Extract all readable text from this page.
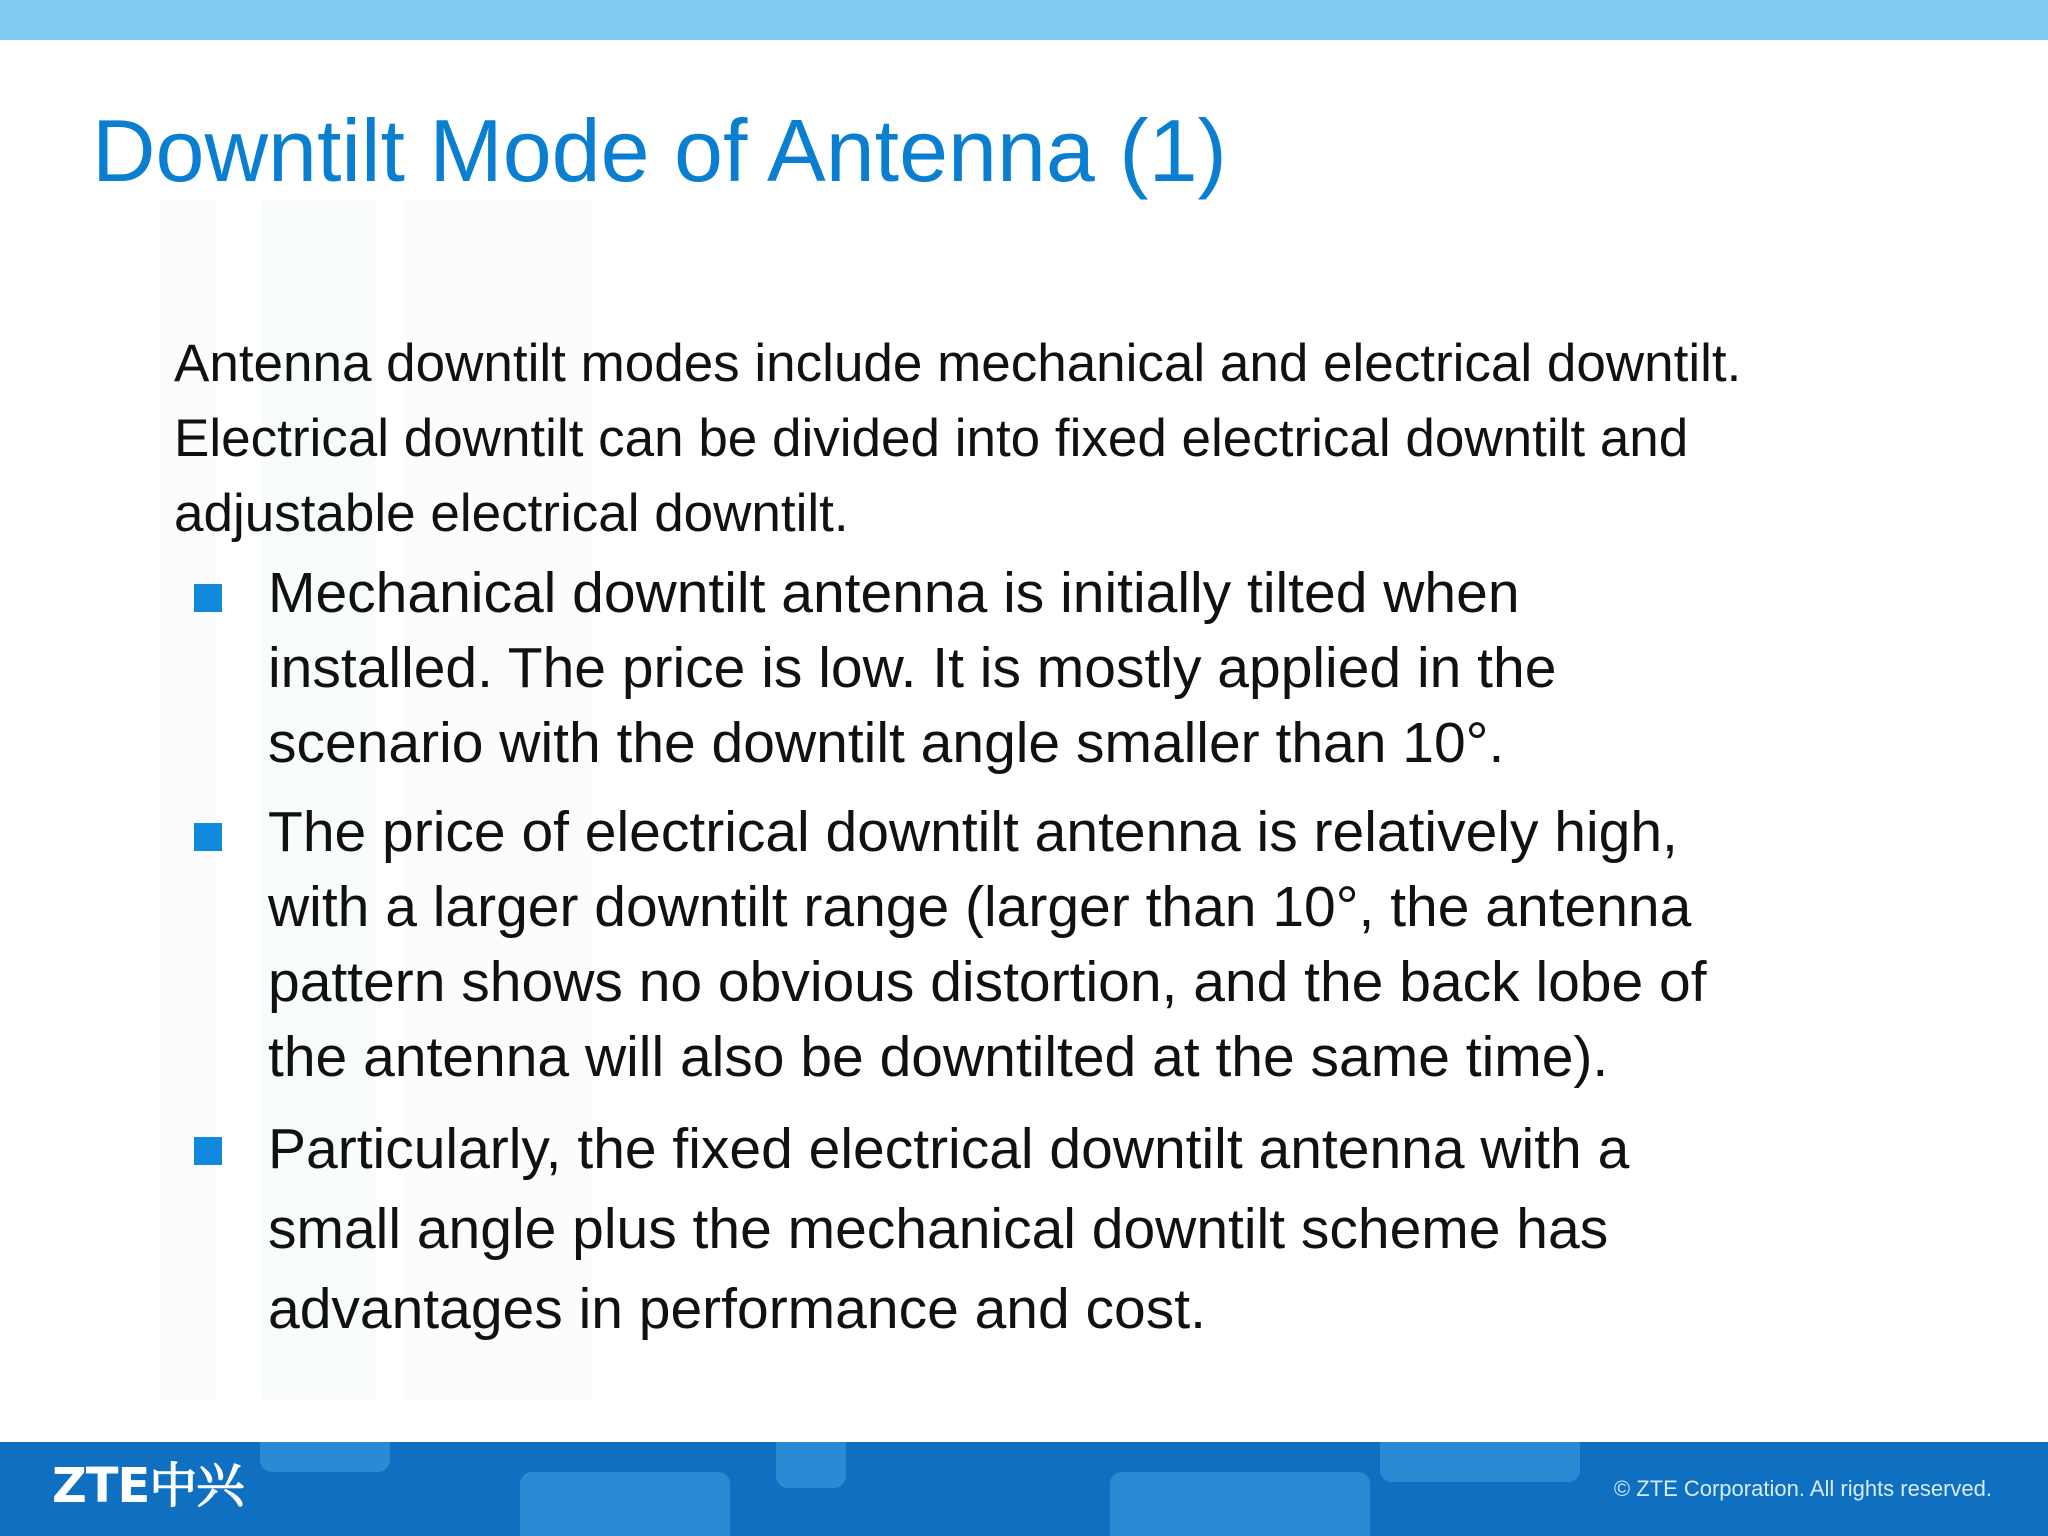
Downtilt Mode of Antenna (1)

Antenna downtilt modes include mechanical and electrical downtilt.
Electrical downtilt can be divided into fixed electrical downtilt and
adjustable electrical downtilt.

Mechanical downtilt antenna is initially tilted when
installed. The price is low. It is mostly applied in the
scenario with the downtilt angle smaller than 10°.
The price of electrical downtilt antenna is relatively high,
with a larger downtilt range (larger than 10°, the antenna
pattern shows no obvious distortion, and the back lobe of
the antenna will also be downtilted at the same time).
Particularly, the fixed electrical downtilt antenna with a
small angle plus the mechanical downtilt scheme has
advantages in performance and cost.
ZTE中兴	© ZTE Corporation. All rights reserved.
